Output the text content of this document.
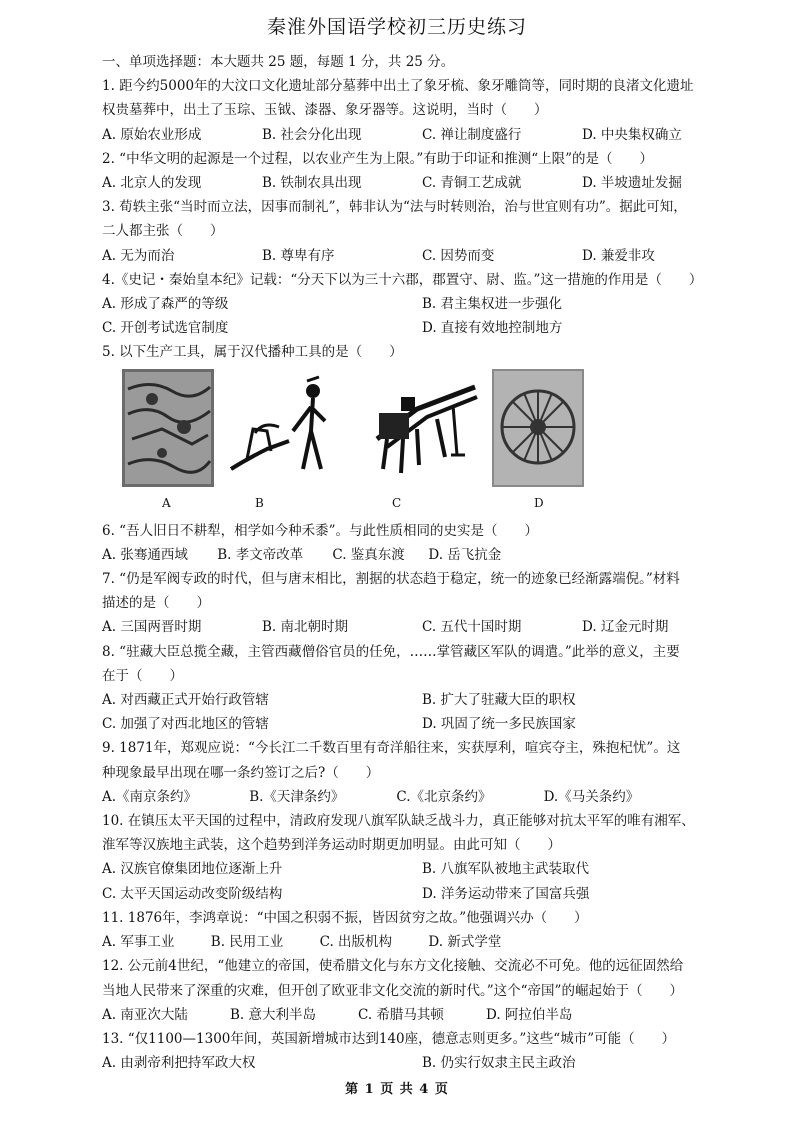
秦淮外国语学校初三历史练习
一、单项选择题：本大题共 25 题，每题 1 分，共 25 分。
1. 距今约5000年的大汶口文化遗址部分墓葬中出土了象牙梳、象牙雕筒等，同时期的良渚文化遗址
权贵墓葬中，出土了玉琮、玉钺、漆器、象牙器等。这说明，当时（　　）
A. 原始农业形成	B. 社会分化出现	C. 禅让制度盛行	D. 中央集权确立
2. “中华文明的起源是一个过程，以农业产生为上限。”有助于印证和推测“上限”的是（　　）
A. 北京人的发现	B. 铁制农具出现	C. 青铜工艺成就	D. 半坡遗址发掘
3. 荀轶主张“当时而立法，因事而制礼”，韩非认为“法与时转则治，治与世宜则有功”。据此可知，
二人都主张（　　）
A. 无为而治	B. 尊卑有序	C. 因势而变	D. 兼爱非攻
4.《史记・秦始皇本纪》记载：“分天下以为三十六郡，郡置守、尉、监。”这一措施的作用是（　　）
A. 形成了森严的等级	B. 君主集权进一步强化
C. 开创考试选官制度	D. 直接有效地控制地方
5. 以下生产工具，属于汉代播种工具的是（　　）
A	B	C	D
6. “吾人旧日不耕犁，相学如今种禾黍”。与此性质相同的史实是（　　）
A. 张骞通西域	B. 孝文帝改革	C. 鉴真东渡	D. 岳飞抗金
7. “仍是军阀专政的时代，但与唐末相比，割据的状态趋于稳定，统一的迹象已经渐露端倪。”材料
描述的是（　　）
A. 三国两晋时期	B. 南北朝时期	C. 五代十国时期	D. 辽金元时期
8. “驻藏大臣总揽全藏，主管西藏僧俗官员的任免，……掌管藏区军队的调遣。”此举的意义，主要
在于（　　）
A. 对西藏正式开始行政管辖	B. 扩大了驻藏大臣的职权
C. 加强了对西北地区的管辖	D. 巩固了统一多民族国家
9. 1871年，郑观应说：“今长江二千数百里有奇洋船往来，实获厚利，喧宾夺主，殊抱杞忧”。这
种现象最早出现在哪一条约签订之后?（　　）
A.《南京条约》	B.《天津条约》	C.《北京条约》	D.《马关条约》
10. 在镇压太平天国的过程中，清政府发现八旗军队缺乏战斗力，真正能够对抗太平军的唯有湘军、
淮军等汉族地主武装，这个趋势到洋务运动时期更加明显。由此可知（　　）
A. 汉族官僚集团地位逐渐上升	B. 八旗军队被地主武装取代
C. 太平天国运动改变阶级结构	D. 洋务运动带来了国富兵强
11. 1876年，李鸿章说：“中国之积弱不振，皆因贫穷之故。”他强调兴办（　　）
A. 军事工业	B. 民用工业	C. 出版机构	D. 新式学堂
12. 公元前4世纪，“他建立的帝国，使希腊文化与东方文化接触、交流必不可免。他的远征固然给
当地人民带来了深重的灾难，但开创了欧亚非文化交流的新时代。”这个“帝国”的崛起始于（　　）
A. 南亚次大陆	B. 意大利半岛	C. 希腊马其顿	D. 阿拉伯半岛
13. “仅1100—1300年间，英国新增城市达到140座，德意志则更多。”这些“城市”可能（　　）
A. 由剥帝利把持军政大权	B. 仍实行奴隶主民主政治
第 1 页 共 4 页
